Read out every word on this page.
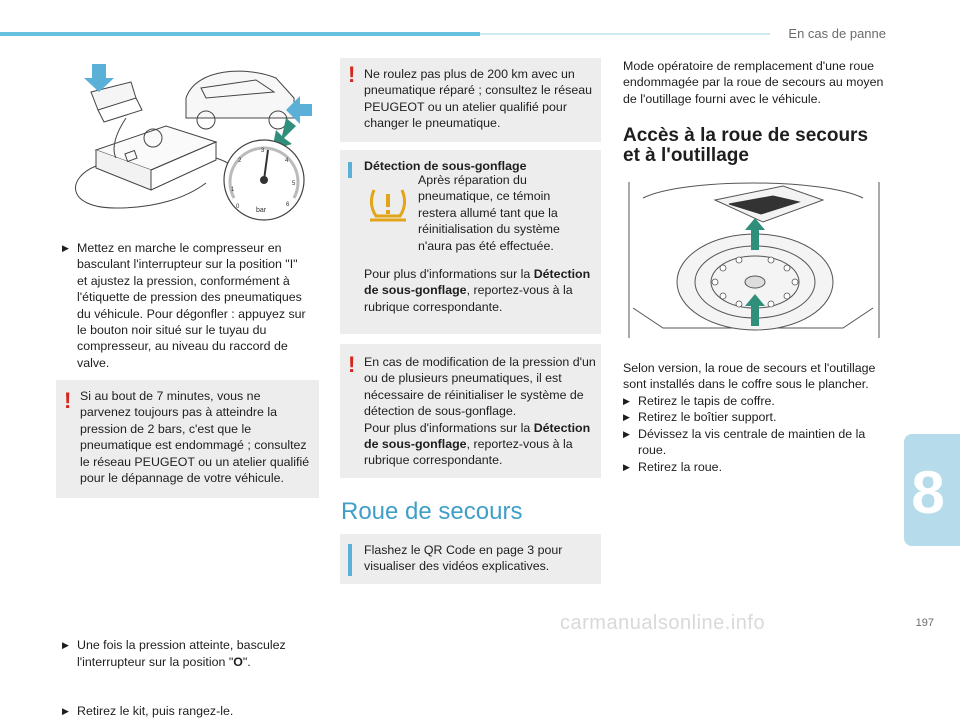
En cas de panne
1
2
3
4
5
6
0 bar
▶ Mettez en marche le compresseur en basculant l'interrupteur sur la position "I" et ajustez la pression, conformément à l'étiquette de pression des pneumatiques du véhicule. Pour dégonfler : appuyez sur le bouton noir situé sur le tuyau du compresseur, au niveau du raccord de valve.
! Si au bout de 7 minutes, vous ne parvenez toujours pas à atteindre la pression de 2 bars, c'est que le pneumatique est endommagé ; consultez le réseau PEUGEOT ou un atelier qualifié pour le dépannage de votre véhicule.
▶ Une fois la pression atteinte, basculez l'interrupteur sur la position "O".
▶ Retirez le kit, puis rangez-le.
! Ne roulez pas plus de 200 km avec un pneumatique réparé ; consultez le réseau PEUGEOT ou un atelier qualifié pour changer le pneumatique.
Détection de sous-gonflage
Après réparation du pneumatique, ce témoin restera allumé tant que la réinitialisation du système n'aura pas été effectuée.
Pour plus d'informations sur la Détection de sous-gonflage, reportez-vous à la rubrique correspondante.
! En cas de modification de la pression d'un ou de plusieurs pneumatiques, il est nécessaire de réinitialiser le système de détection de sous-gonflage.
Pour plus d'informations sur la Détection de sous-gonflage, reportez-vous à la rubrique correspondante.
Roue de secours
Flashez le QR Code en page 3 pour visualiser des vidéos explicatives.
Mode opératoire de remplacement d'une roue endommagée par la roue de secours au moyen de l'outillage fourni avec le véhicule.
Accès à la roue de secours
et à l'outillage
Selon version, la roue de secours et l'outillage sont installés dans le coffre sous le plancher.
▶ Retirez le tapis de coffre.
▶ Retirez le boîtier support.
▶ Dévissez la vis centrale de maintien de la roue.
▶ Retirez la roue.	8
carmanualsonline.info	197
